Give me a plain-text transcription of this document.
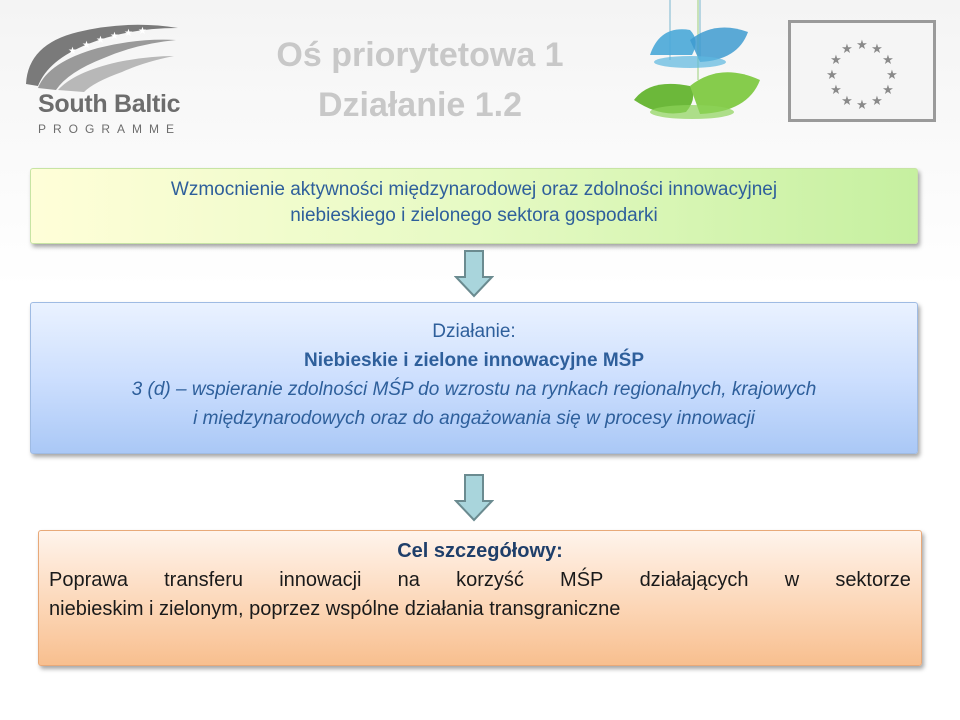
★
★ ★ ★ ★ ★
South Baltic
PROGRAMME
Oś priorytetowa 1
Działanie 1.2
★ ★
★
★
★
★
★
★
★
★
★
★
Wzmocnienie aktywności międzynarodowej oraz zdolności innowacyjnej
niebieskiego i zielonego sektora gospodarki
Działanie:
Niebieskie i zielone innowacyjne MŚP
3 (d) – wspieranie zdolności MŚP do wzrostu na rynkach regionalnych, krajowych
i międzynarodowych oraz do angażowania się w procesy innowacji
Cel szczegółowy:
Poprawa transferu innowacji na korzyść MŚP działających w sektorze
niebieskim i zielonym, poprzez wspólne działania transgraniczne
